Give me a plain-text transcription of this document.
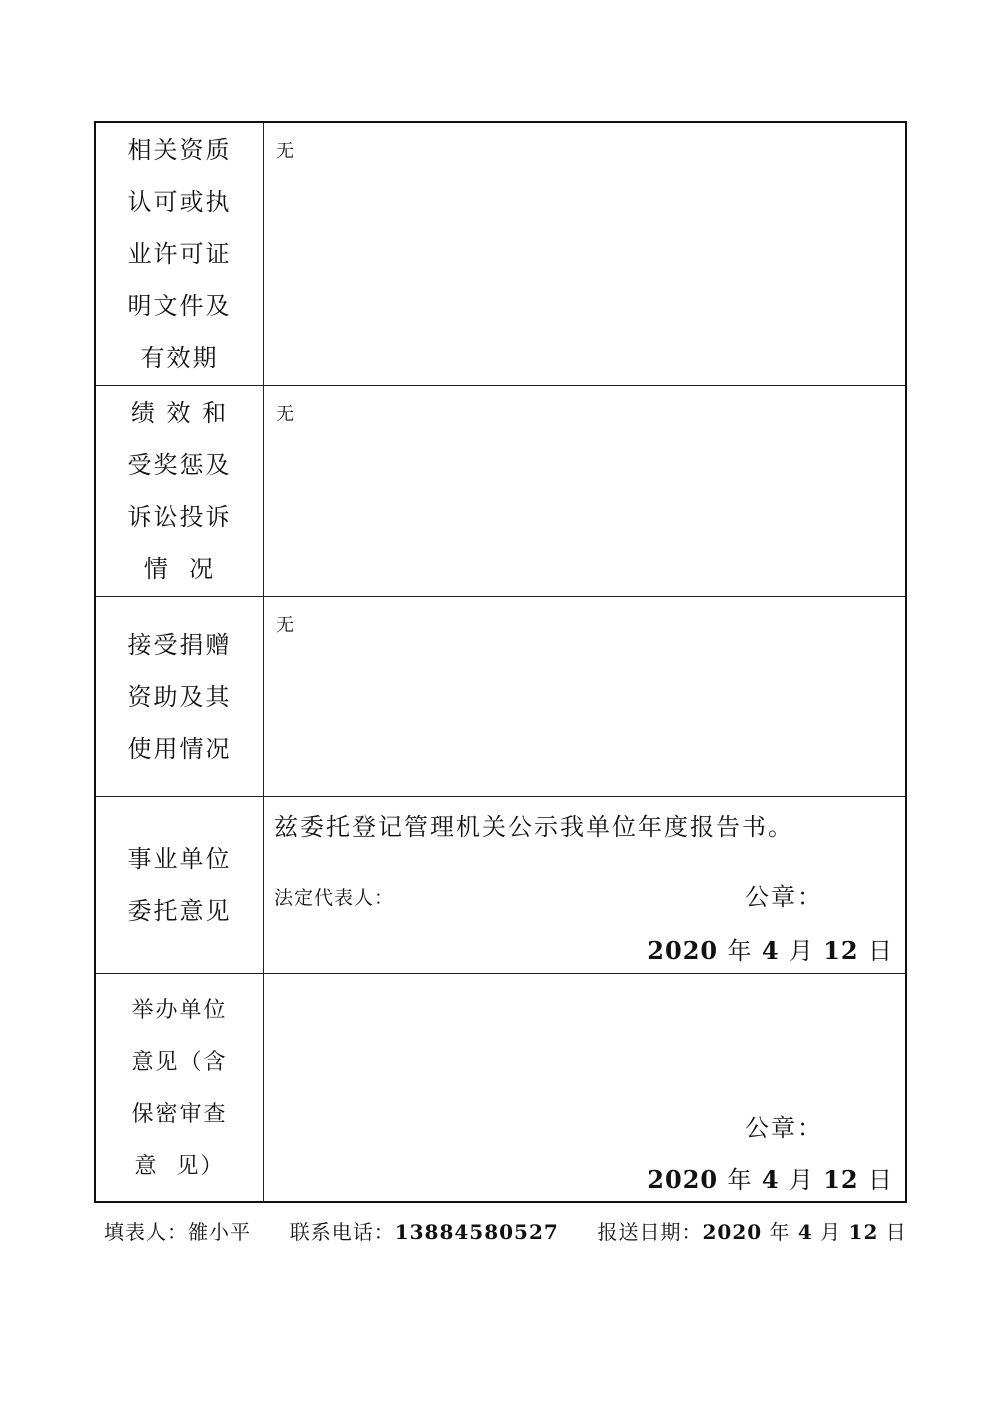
相关资质
认可或执
业许可证
明文件及
有效期
无
绩 效 和
受奖惩及
诉讼投诉
情  况
无
接受捐赠
资助及其
使用情况
无
事业单位
委托意见
兹委托登记管理机关公示我单位年度报告书。
法定代表人：	公章：
2020 年 4 月 12 日
举办单位
意见（含
保密审查
意  见）
公章：
2020 年 4 月 12 日
填表人：雒小平 联系电话：13884580527 报送日期：2020 年 4 月 12 日
